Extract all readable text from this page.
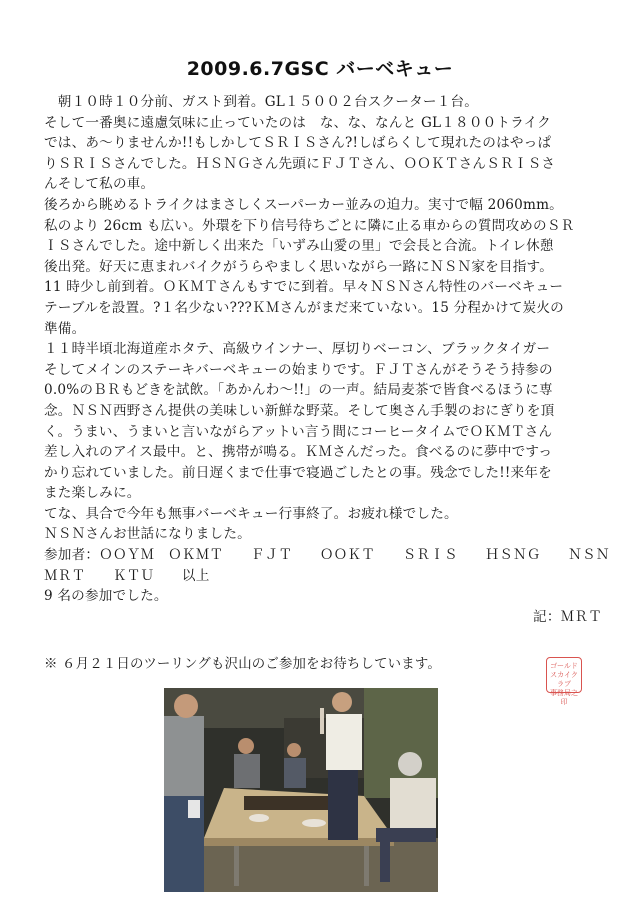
2009.6.7GSC バーベキュー
　朝１０時１０分前、ガスト到着。GL１５００２台スクーター１台。
そして一番奥に遠慮気味に止っていたのは　な、な、なんと GL１８００トライク
では、あ～りませんか!!もしかしてＳＲＩＳさん?!しばらくして現れたのはやっぱ
りＳＲＩＳさんでした。ＨＳＮＧさん先頭にＦＪＴさん、ＯＯＫＴさんＳＲＩＳさ
んそして私の車。
後ろから眺めるトライクはまさしくスーパーカー並みの迫力。実寸で幅 2060mm。
私のより 26cm も広い。外環を下り信号待ちごとに隣に止る車からの質問攻めのＳＲ
ＩＳさんでした。途中新しく出来た「いずみ山愛の里」で会長と合流。トイレ休憩
後出発。好天に恵まれバイクがうらやましく思いながら一路にＮＳＮ家を目指す。
11 時少し前到着。ＯＫＭＴさんもすでに到着。早々ＮＳＮさん特性のバーベキュー
テーブルを設置。?１名少ない???ＫＭさんがまだ来ていない。15 分程かけて炭火の
準備。
１１時半頃北海道産ホタテ、高級ウインナー、厚切りベーコン、ブラックタイガー
そしてメインのステーキバーベキューの始まりです。ＦＪＴさんがそうそう持参の
0.0%のＢＲもどきを試飲。「あかんわ～!!」の一声。結局麦茶で皆食べるほうに専
念。ＮＳＮ西野さん提供の美味しい新鮮な野菜。そして奥さん手製のおにぎりを頂
く。うまい、うまいと言いながらアットい言う間にコーヒータイムでＯＫＭＴさん
差し入れのアイス最中。と、携帯が鳴る。ＫＭさんだった。食べるのに夢中ですっ
かり忘れていました。前日遅くまで仕事で寝過ごしたとの事。残念でした!!来年を
また楽しみに。
てな、具合で今年も無事バーベキュー行事終了。お疲れ様でした。
ＮＳＮさんお世話になりました。
参加者：ＯＯＹＭ　ＯＫＭＴ　　ＦＪＴ　　ＯＯＫＴ　　ＳＲＩＳ　　ＨＳＮＧ　　ＮＳＮ
ＭＲＴ　　ＫＴＵ　　以上
9 名の参加でした。
記：ＭＲＴ
※ ６月２１日のツーリングも沢山のご参加をお待ちしています。	ゴールド
スカイクラブ
事務局之印
